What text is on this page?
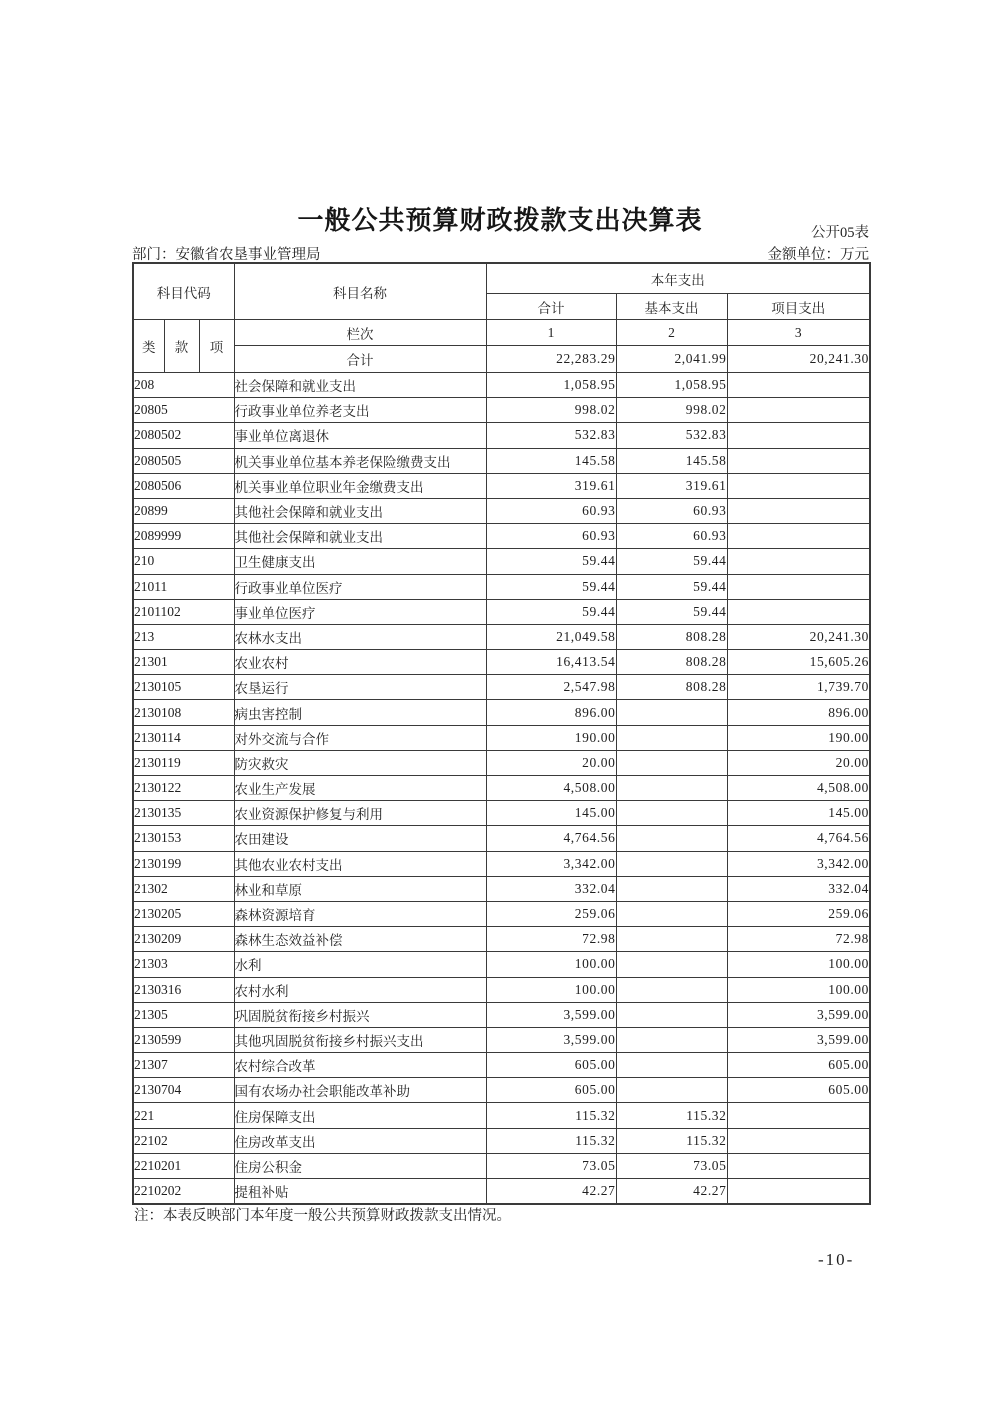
一般公共预算财政拨款支出决算表	公开05表
部门：安徽省农垦事业管理局	金额单位：万元
科目代码			科目名称	本年支出		
				合计	基本支出	项目支出
类	款	项	栏次	1	2	3
			合计	22,283.29	2,041.99	20,241.30
208			社会保障和就业支出	1,058.95	1,058.95	
20805			行政事业单位养老支出	998.02	998.02	
2080502			事业单位离退休	532.83	532.83	
2080505			机关事业单位基本养老保险缴费支出	145.58	145.58	
2080506			机关事业单位职业年金缴费支出	319.61	319.61	
20899			其他社会保障和就业支出	60.93	60.93	
2089999			其他社会保障和就业支出	60.93	60.93	
210			卫生健康支出	59.44	59.44	
21011			行政事业单位医疗	59.44	59.44	
2101102			事业单位医疗	59.44	59.44	
213			农林水支出	21,049.58	808.28	20,241.30
21301			农业农村	16,413.54	808.28	15,605.26
2130105			农垦运行	2,547.98	808.28	1,739.70
2130108			病虫害控制	896.00		896.00
2130114			对外交流与合作	190.00		190.00
2130119			防灾救灾	20.00		20.00
2130122			农业生产发展	4,508.00		4,508.00
2130135			农业资源保护修复与利用	145.00		145.00
2130153			农田建设	4,764.56		4,764.56
2130199			其他农业农村支出	3,342.00		3,342.00
21302			林业和草原	332.04		332.04
2130205			森林资源培育	259.06		259.06
2130209			森林生态效益补偿	72.98		72.98
21303			水利	100.00		100.00
2130316			农村水利	100.00		100.00
21305			巩固脱贫衔接乡村振兴	3,599.00		3,599.00
2130599			其他巩固脱贫衔接乡村振兴支出	3,599.00		3,599.00
21307			农村综合改革	605.00		605.00
2130704			国有农场办社会职能改革补助	605.00		605.00
221			住房保障支出	115.32	115.32	
22102			住房改革支出	115.32	115.32	
2210201			住房公积金	73.05	73.05	
2210202			提租补贴	42.27	42.27	
注：本表反映部门本年度一般公共预算财政拨款支出情况。
-10-
